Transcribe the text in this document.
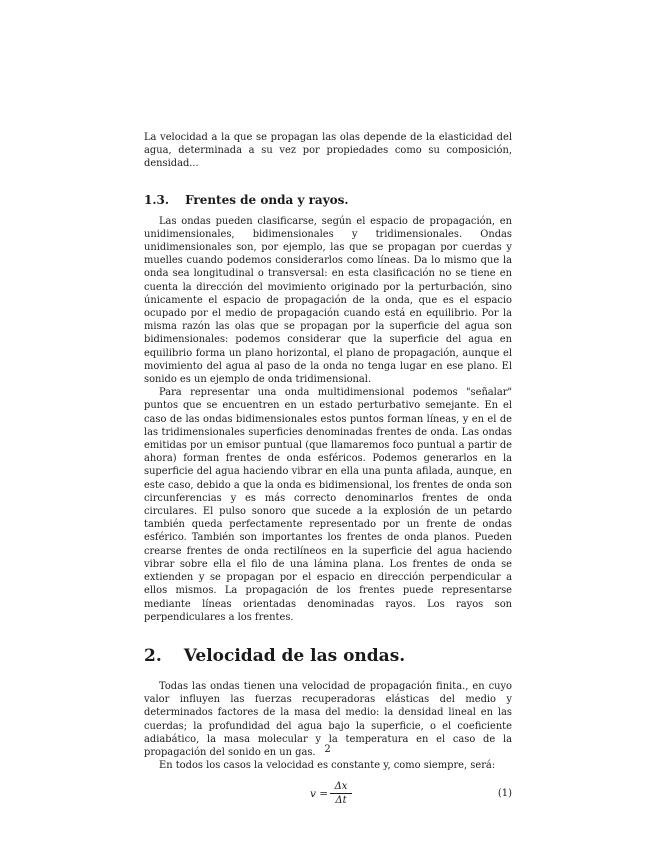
La velocidad a la que se propagan las olas depende de la elasticidad del agua, determinada a su vez por propiedades como su composición, densidad...

1.3. Frentes de onda y rayos.

Las ondas pueden clasificarse, según el espacio de propagación, en unidimensionales, bidimensionales y tridimensionales. Ondas unidimensionales son, por ejemplo, las que se propagan por cuerdas y muelles cuando podemos considerarlos como líneas. Da lo mismo que la onda sea longitudinal o transversal: en esta clasificación no se tiene en cuenta la dirección del movimiento originado por la perturbación, sino únicamente el espacio de propagación de la onda, que es el espacio ocupado por el medio de propagación cuando está en equilibrio. Por la misma razón las olas que se propagan por la superficie del agua son bidimensionales: podemos considerar que la superficie del agua en equilibrio forma un plano horizontal, el plano de propagación, aunque el movimiento del agua al paso de la onda no tenga lugar en ese plano. El sonido es un ejemplo de onda tridimensional.

Para representar una onda multidimensional podemos "señalar" puntos que se encuentren en un estado perturbativo semejante. En el caso de las ondas bidimensionales estos puntos forman líneas, y en el de las tridimensionales superficies denominadas frentes de onda. Las ondas emitidas por un emisor puntual (que llamaremos foco puntual a partir de ahora) forman frentes de onda esféricos. Podemos generarlos en la superficie del agua haciendo vibrar en ella una punta afilada, aunque, en este caso, debido a que la onda es bidimensional, los frentes de onda son circunferencias y es más correcto denominarlos frentes de onda circulares. El pulso sonoro que sucede a la explosión de un petardo también queda perfectamente representado por un frente de ondas esférico. También son importantes los frentes de onda planos. Pueden crearse frentes de onda rectilíneos en la superficie del agua haciendo vibrar sobre ella el filo de una lámina plana. Los frentes de onda se extienden y se propagan por el espacio en dirección perpendicular a ellos mismos. La propagación de los frentes puede representarse mediante líneas orientadas denominadas rayos. Los rayos son perpendiculares a los frentes.

2. Velocidad de las ondas.

Todas las ondas tienen una velocidad de propagación finita., en cuyo valor influyen las fuerzas recuperadoras elásticas del medio y determinados factores de la masa del medio: la densidad lineal en las cuerdas; la profundidad del agua bajo la superficie, o el coeficiente adiabático, la masa molecular y la temperatura en el caso de la propagación del sonido en un gas.

En todos los casos la velocidad es constante y, como siempre, será:

v =
Δx
Δt
(1)
2
